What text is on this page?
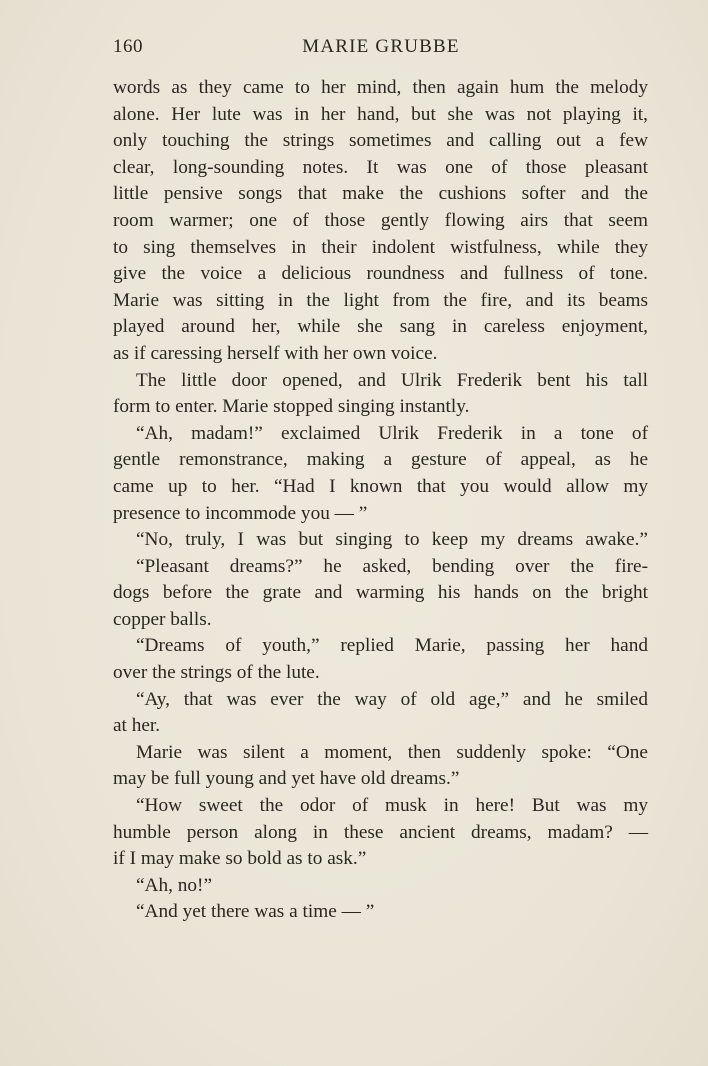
160	MARIE GRUBBE
words as they came to her mind, then again hum the melody
alone. Her lute was in her hand, but she was not playing it,
only touching the strings sometimes and calling out a few
clear, long-sounding notes. It was one of those pleasant
little pensive songs that make the cushions softer and the
room warmer; one of those gently flowing airs that seem
to sing themselves in their indolent wistfulness, while they
give the voice a delicious roundness and fullness of tone.
Marie was sitting in the light from the fire, and its beams
played around her, while she sang in careless enjoyment,
as if caressing herself with her own voice.
The little door opened, and Ulrik Frederik bent his tall
form to enter. Marie stopped singing instantly.
“Ah, madam!” exclaimed Ulrik Frederik in a tone of
gentle remonstrance, making a gesture of appeal, as he
came up to her. “Had I known that you would allow my
presence to incommode you — ”
“No, truly, I was but singing to keep my dreams awake.”
“Pleasant dreams?” he asked, bending over the fire-
dogs before the grate and warming his hands on the bright
copper balls.
“Dreams of youth,” replied Marie, passing her hand
over the strings of the lute.
“Ay, that was ever the way of old age,” and he smiled
at her.
Marie was silent a moment, then suddenly spoke: “One
may be full young and yet have old dreams.”
“How sweet the odor of musk in here! But was my
humble person along in these ancient dreams, madam? —
if I may make so bold as to ask.”
“Ah, no!”
“And yet there was a time — ”
